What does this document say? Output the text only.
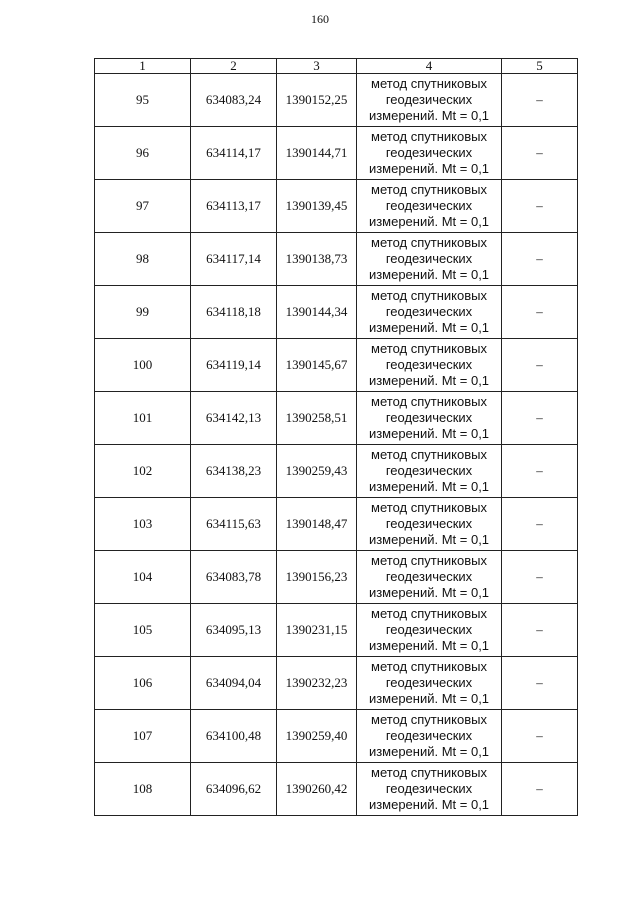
160
1	2	3	4	5
95	634083,24	1390152,25	метод спутниковых
геодезических
измерений. Mt = 0,1	–
96	634114,17	1390144,71	метод спутниковых
геодезических
измерений. Mt = 0,1	–
97	634113,17	1390139,45	метод спутниковых
геодезических
измерений. Mt = 0,1	–
98	634117,14	1390138,73	метод спутниковых
геодезических
измерений. Mt = 0,1	–
99	634118,18	1390144,34	метод спутниковых
геодезических
измерений. Mt = 0,1	–
100	634119,14	1390145,67	метод спутниковых
геодезических
измерений. Mt = 0,1	–
101	634142,13	1390258,51	метод спутниковых
геодезических
измерений. Mt = 0,1	–
102	634138,23	1390259,43	метод спутниковых
геодезических
измерений. Mt = 0,1	–
103	634115,63	1390148,47	метод спутниковых
геодезических
измерений. Mt = 0,1	–
104	634083,78	1390156,23	метод спутниковых
геодезических
измерений. Mt = 0,1	–
105	634095,13	1390231,15	метод спутниковых
геодезических
измерений. Mt = 0,1	–
106	634094,04	1390232,23	метод спутниковых
геодезических
измерений. Mt = 0,1	–
107	634100,48	1390259,40	метод спутниковых
геодезических
измерений. Mt = 0,1	–
108	634096,62	1390260,42	метод спутниковых
геодезических
измерений. Mt = 0,1	–
